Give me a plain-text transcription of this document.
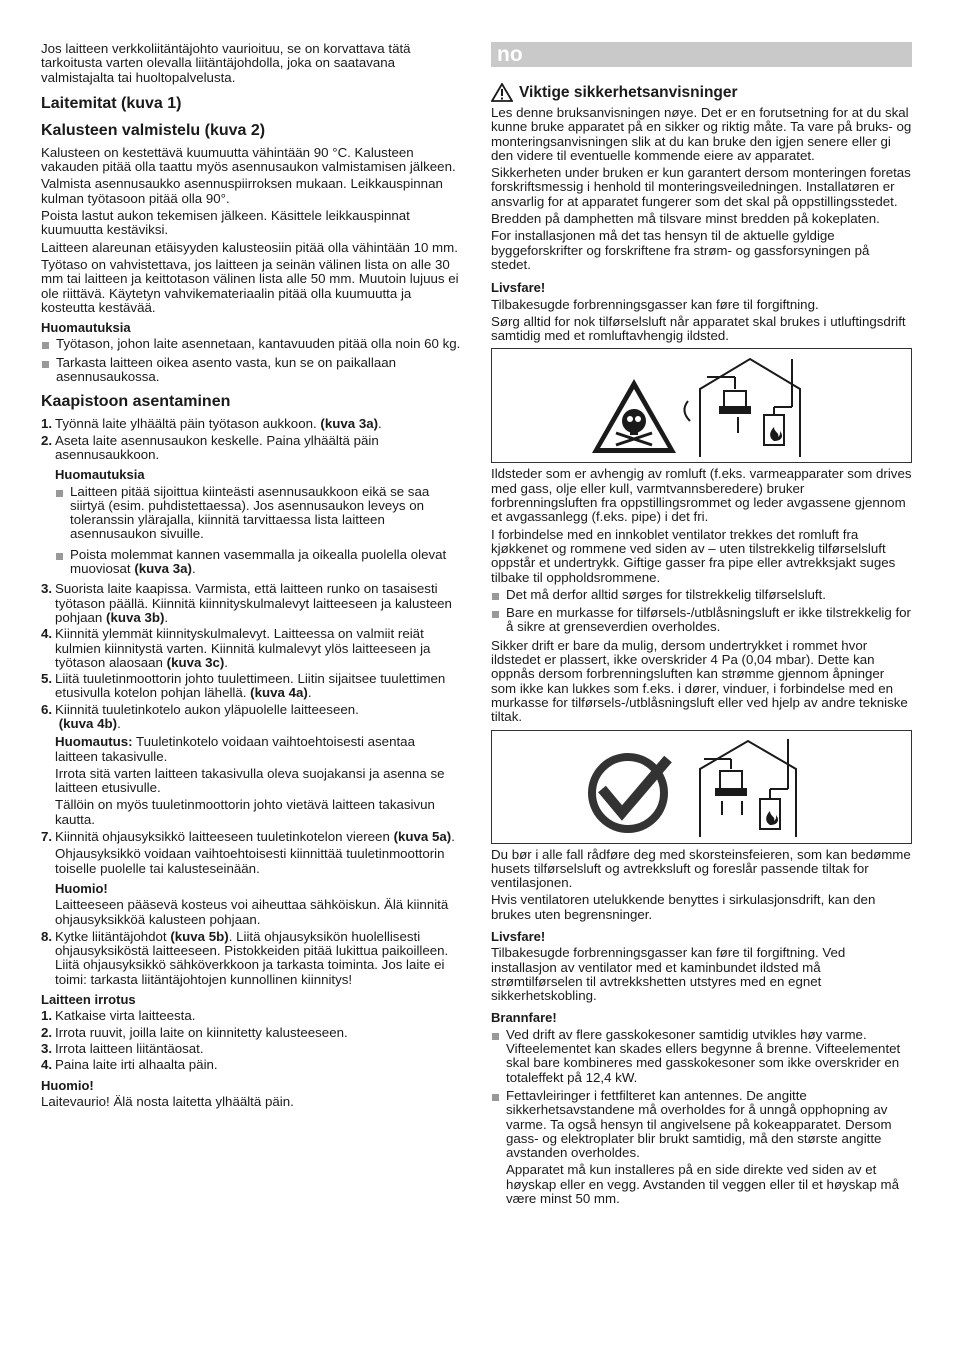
Jos laitteen verkkoliitäntäjohto vaurioituu, se on korvattava tätä tarkoitusta varten olevalla liitäntäjohdolla, joka on saatavana valmistajalta tai huoltopalvelusta.

Laitemitat (kuva 1)
Kalusteen valmistelu (kuva 2)

Kalusteen on kestettävä kuumuutta vähintään 90 °C. Kalusteen vakauden pitää olla taattu myös asennusaukon valmistamisen jälkeen.

Valmista asennusaukko asennuspiirroksen mukaan. Leikkauspinnan kulman työtasoon pitää olla 90°.

Poista lastut aukon tekemisen jälkeen. Käsittele leikkauspinnat kuumuutta kestäviksi.

Laitteen alareunan etäisyyden kalusteosiin pitää olla vähintään 10 mm.

Työtaso on vahvistettava, jos laitteen ja seinän välinen lista on alle 30 mm tai laitteen ja keittotason välinen lista alle 50 mm. Muutoin lujuus ei ole riittävä. Käytetyn vahvikemateriaalin pitää olla kuumuutta ja kosteutta kestävää.

Huomautuksia
Työtason, johon laite asennetaan, kantavuuden pitää olla noin 60 kg.
Tarkasta laitteen oikea asento vasta, kun se on paikallaan asennusaukossa.
Kaapistoon asentaminen
1. Työnnä laite ylhäältä päin työtason aukkoon. (kuva 3a).
2. Aseta laite asennusaukon keskelle. Paina ylhäältä päin asennusaukkoon.
Huomautuksia
Laitteen pitää sijoittua kiinteästi asennusaukkoon eikä se saa siirtyä (esim. puhdistettaessa). Jos asennusaukon leveys on toleranssin ylärajalla, kiinnitä tarvittaessa lista laitteen asennusaukon sivuille.
Poista molemmat kannen vasemmalla ja oikealla puolella olevat muoviosat (kuva 3a).
3. Suorista laite kaapissa. Varmista, että laitteen runko on tasaisesti työtason päällä. Kiinnitä kiinnityskulmalevyt laitteeseen ja kalusteen pohjaan (kuva 3b).
4. Kiinnitä ylemmät kiinnityskulmalevyt. Laitteessa on valmiit reiät kulmien kiinnitystä varten. Kiinnitä kulmalevyt ylös laitteeseen ja työtason alaosaan (kuva 3c).
5. Liitä tuuletinmoottorin johto tuulettimeen. Liitin sijaitsee tuulettimen etusivulla kotelon pohjan lähellä. (kuva 4a).
6. Kiinnitä tuuletinkotelo aukon yläpuolelle laitteeseen.
(kuva 4b).

Huomautus: Tuuletinkotelo voidaan vaihtoehtoisesti asentaa laitteen takasivulle.

Irrota sitä varten laitteen takasivulla oleva suojakansi ja asenna se laitteen etusivulle.

Tällöin on myös tuuletinmoottorin johto vietävä laitteen takasivun kautta.

7. Kiinnitä ohjausyksikkö laitteeseen tuuletinkotelon viereen (kuva 5a).

Ohjausyksikkö voidaan vaihtoehtoisesti kiinnittää tuuletinmoottorin toiselle puolelle tai kalusteseinään.

Huomio!

Laitteeseen pääsevä kosteus voi aiheuttaa sähköiskun. Älä kiinnitä ohjausyksikköä kalusteen pohjaan.

8. Kytke liitäntäjohdot (kuva 5b). Liitä ohjausyksikön huolellisesti ohjausyksiköstä laitteeseen. Pistokkeiden pitää lukittua paikoilleen. Liitä ohjausyksikkö sähköverkkoon ja tarkasta toiminta. Jos laite ei toimi: tarkasta liitäntäjohtojen kunnollinen kiinnitys!
Laitteen irrotus
1. Katkaise virta laitteesta.
2. Irrota ruuvit, joilla laite on kiinnitetty kalusteeseen.
3. Irrota laitteen liitäntäosat.
4. Paina laite irti alhaalta päin.
Huomio!

Laitevaurio! Älä nosta laitetta ylhäältä päin.

no
Viktige sikkerhetsanvisninger

Les denne bruksanvisningen nøye. Det er en forutsetning for at du skal kunne bruke apparatet på en sikker og riktig måte. Ta vare på bruks- og monteringsanvisningen slik at du kan bruke den igjen senere eller gi den videre til eventuelle kommende eiere av apparatet.

Sikkerheten under bruken er kun garantert dersom monteringen foretas forskriftsmessig i henhold til monteringsveiledningen. Installatøren er ansvarlig for at apparatet fungerer som det skal på oppstillingsstedet.

Bredden på damphetten må tilsvare minst bredden på kokeplaten.

For installasjonen må det tas hensyn til de aktuelle gyldige byggeforskrifter og forskriftene fra strøm- og gassforsyningen på stedet.

Livsfare!

Tilbakesugde forbrenningsgasser kan føre til forgiftning.

Sørg alltid for nok tilførselsluft når apparatet skal brukes i utluftingsdrift samtidig med et romluftavhengig ildsted.

Ildsteder som er avhengig av romluft (f.eks. varmeapparater som drives med gass, olje eller kull, varmtvannsberedere) bruker forbrenningsluften fra oppstillingsrommet og leder avgassene gjennom et avgassanlegg (f.eks. pipe) i det fri.

I forbindelse med en innkoblet ventilator trekkes det romluft fra kjøkkenet og rommene ved siden av – uten tilstrekkelig tilførselsluft oppstår et undertrykk. Giftige gasser fra pipe eller avtrekksjakt suges tilbake til oppholdsrommene.

Det må derfor alltid sørges for tilstrekkelig tilførselsluft.
Bare en murkasse for tilførsels-/utblåsningsluft er ikke tilstrekkelig for å sikre at grenseverdien overholdes.

Sikker drift er bare da mulig, dersom undertrykket i rommet hvor ildstedet er plassert, ikke overskrider 4 Pa (0,04 mbar). Dette kan oppnås dersom forbrenningsluften kan strømme gjennom åpninger som ikke kan lukkes som f.eks. i dører, vinduer, i forbindelse med en murkasse for tilførsels-/utblåsningsluft eller ved hjelp av andre tekniske tiltak.

Du bør i alle fall rådføre deg med skorsteinsfeieren, som kan bedømme husets tilførselsluft og avtrekksluft og foreslår passende tiltak for ventilasjonen.

Hvis ventilatoren utelukkende benyttes i sirkulasjonsdrift, kan den brukes uten begrensninger.

Livsfare!

Tilbakesugde forbrenningsgasser kan føre til forgiftning. Ved installasjon av ventilator med et kaminbundet ildsted må strømtilførselen til avtrekkshetten utstyres med en egnet sikkerhetskobling.

Brannfare!
Ved drift av flere gasskokesoner samtidig utvikles høy varme. Vifteelementet kan skades ellers begynne å brenne. Vifteelementet skal bare kombineres med gasskokesoner som ikke overskrider en totaleffekt på 12,4 kW.
Fettavleiringer i fettfilteret kan antennes. De angitte sikkerhetsavstandene må overholdes for å unngå opphopning av varme. Ta også hensyn til angivelsene på kokeapparatet. Dersom gass- og elektroplater blir brukt samtidig, må den største angitte avstanden overholdes.

Apparatet må kun installeres på en side direkte ved siden av et høyskap eller en vegg. Avstanden til veggen eller til et høyskap må være minst 50 mm.
